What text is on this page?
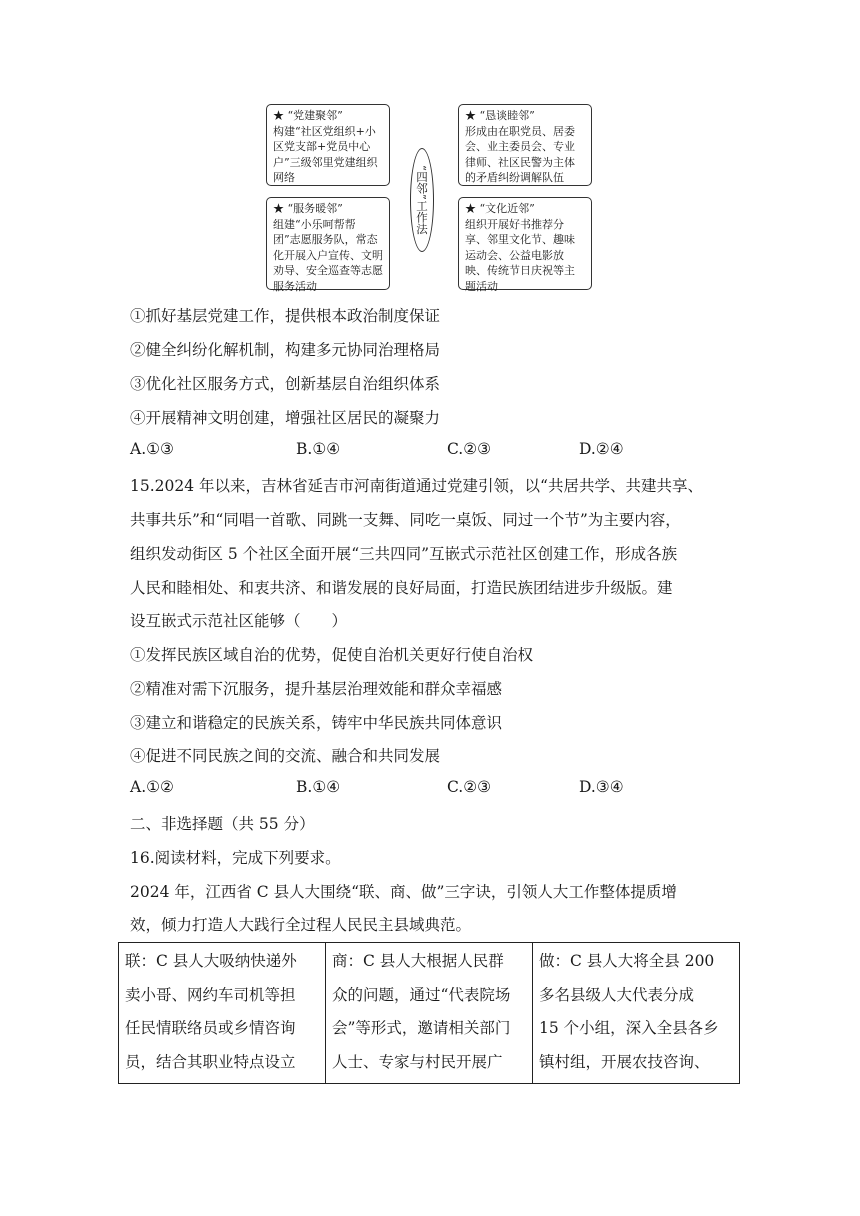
★ “党建聚邻”
构建“社区党组织+小区党支部+党员中心户”三级邻里党建组织网络
★ “服务暖邻”
组建“小乐呵帮帮团”志愿服务队，常态化开展入户宣传、文明劝导、安全巡查等志愿服务活动
“四邻”工作法
★ “恳谈睦邻”
形成由在职党员、居委会、业主委员会、专业律师、社区民警为主体的矛盾纠纷调解队伍
★ “文化近邻”
组织开展好书推荐分享、邻里文化节、趣味运动会、公益电影放映、传统节日庆祝等主题活动
①抓好基层党建工作，提供根本政治制度保证
②健全纠纷化解机制，构建多元协同治理格局
③优化社区服务方式，创新基层自治组织体系
④开展精神文明创建，增强社区居民的凝聚力
A.①③	B.①④	C.②③	D.②④
15.2024 年以来，吉林省延吉市河南街道通过党建引领，以“共居共学、共建共享、
共事共乐”和“同唱一首歌、同跳一支舞、同吃一桌饭、同过一个节”为主要内容，
组织发动街区 5 个社区全面开展“三共四同”互嵌式示范社区创建工作，形成各族
人民和睦相处、和衷共济、和谐发展的良好局面，打造民族团结进步升级版。建
设互嵌式示范社区能够（　　）
①发挥民族区域自治的优势，促使自治机关更好行使自治权
②精准对需下沉服务，提升基层治理效能和群众幸福感
③建立和谐稳定的民族关系，铸牢中华民族共同体意识
④促进不同民族之间的交流、融合和共同发展
A.①②	B.①④	C.②③	D.③④
二、非选择题（共 55 分）
16.阅读材料，完成下列要求。
2024 年，江西省 C 县人大围绕“联、商、做”三字诀，引领人大工作整体提质增
效，倾力打造人大践行全过程人民民主县域典范。
联：C 县人大吸纳快递外
卖小哥、网约车司机等担
任民情联络员或乡情咨询
员，结合其职业特点设立

商：C 县人大根据人民群
众的问题，通过“代表院场
会”等形式，邀请相关部门
人士、专家与村民开展广

做：C 县人大将全县 200
多名县级人大代表分成
15 个小组，深入全县各乡
镇村组，开展农技咨询、
